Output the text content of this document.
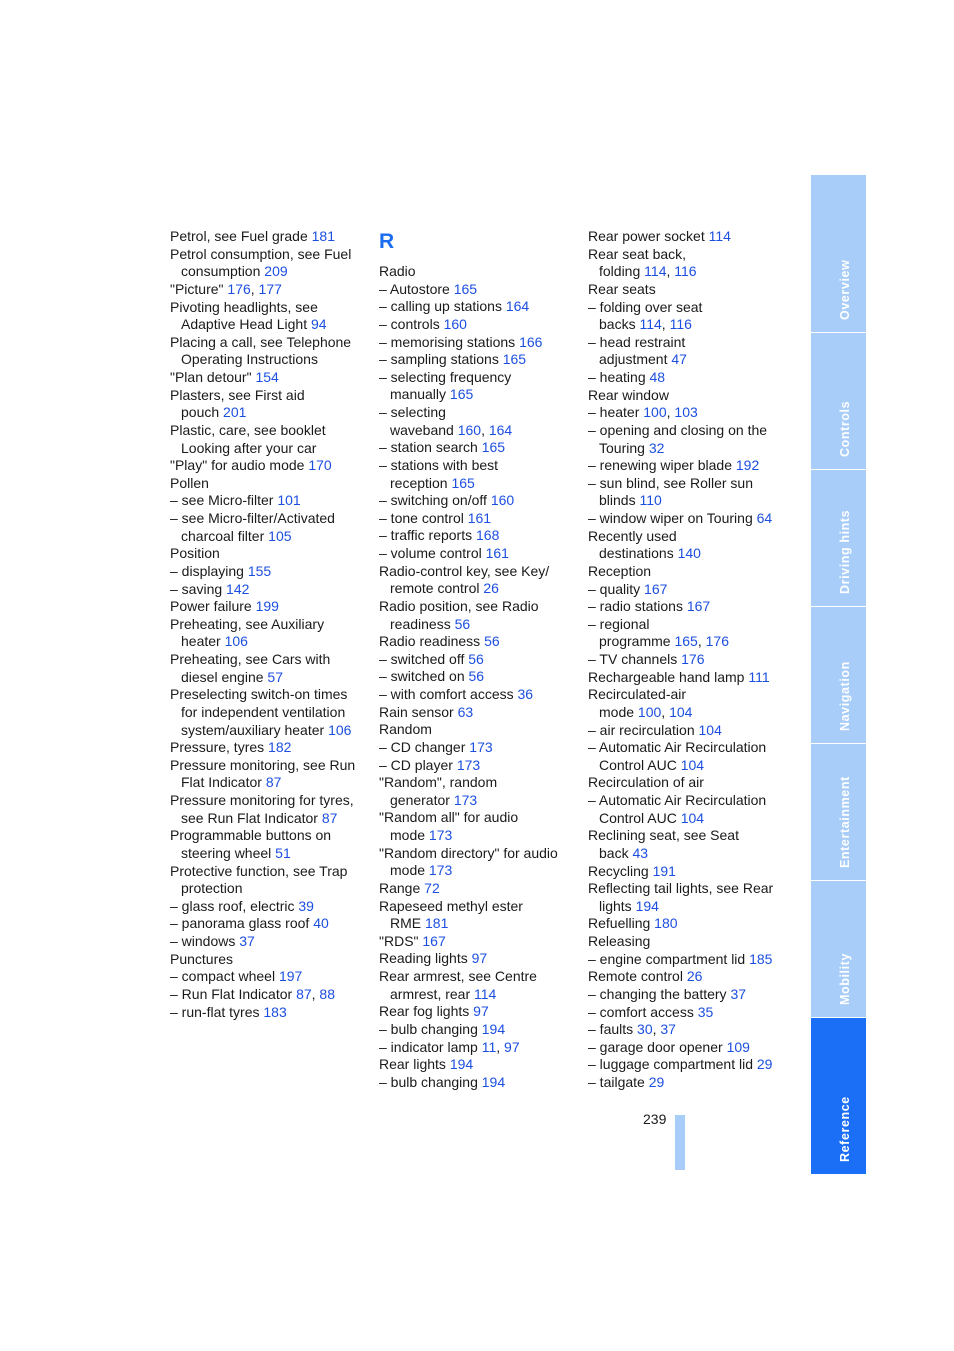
Petrol, see Fuel grade 181
Petrol consumption, see Fuel
consumption 209
"Picture" 176, 177
Pivoting headlights, see
Adaptive Head Light 94
Placing a call, see Telephone
Operating Instructions
"Plan detour" 154
Plasters, see First aid
pouch 201
Plastic, care, see booklet
Looking after your car
"Play" for audio mode 170
Pollen
– see Micro-filter 101
– see Micro-filter/Activated
charcoal filter 105
Position
– displaying 155
– saving 142
Power failure 199
Preheating, see Auxiliary
heater 106
Preheating, see Cars with
diesel engine 57
Preselecting switch-on times
for independent ventilation
system/auxiliary heater 106
Pressure, tyres 182
Pressure monitoring, see Run
Flat Indicator 87
Pressure monitoring for tyres,
see Run Flat Indicator 87
Programmable buttons on
steering wheel 51
Protective function, see Trap
protection
– glass roof, electric 39
– panorama glass roof 40
– windows 37
Punctures
– compact wheel 197
– Run Flat Indicator 87, 88
– run-flat tyres 183
R
Radio
– Autostore 165
– calling up stations 164
– controls 160
– memorising stations 166
– sampling stations 165
– selecting frequency
manually 165
– selecting
waveband 160, 164
– station search 165
– stations with best
reception 165
– switching on/off 160
– tone control 161
– traffic reports 168
– volume control 161
Radio-control key, see Key/
remote control 26
Radio position, see Radio
readiness 56
Radio readiness 56
– switched off 56
– switched on 56
– with comfort access 36
Rain sensor 63
Random
– CD changer 173
– CD player 173
"Random", random
generator 173
"Random all" for audio
mode 173
"Random directory" for audio
mode 173
Range 72
Rapeseed methyl ester
RME 181
"RDS" 167
Reading lights 97
Rear armrest, see Centre
armrest, rear 114
Rear fog lights 97
– bulb changing 194
– indicator lamp 11, 97
Rear lights 194
– bulb changing 194
Rear power socket 114
Rear seat back,
folding 114, 116
Rear seats
– folding over seat
backs 114, 116
– head restraint
adjustment 47
– heating 48
Rear window
– heater 100, 103
– opening and closing on the
Touring 32
– renewing wiper blade 192
– sun blind, see Roller sun
blinds 110
– window wiper on Touring 64
Recently used
destinations 140
Reception
– quality 167
– radio stations 167
– regional
programme 165, 176
– TV channels 176
Rechargeable hand lamp 111
Recirculated-air
mode 100, 104
– air recirculation 104
– Automatic Air Recirculation
Control AUC 104
Recirculation of air
– Automatic Air Recirculation
Control AUC 104
Reclining seat, see Seat
back 43
Recycling 191
Reflecting tail lights, see Rear
lights 194
Refuelling 180
Releasing
– engine compartment lid 185
Remote control 26
– changing the battery 37
– comfort access 35
– faults 30, 37
– garage door opener 109
– luggage compartment lid 29
– tailgate 29
239
Overview
Controls
Driving hints
Navigation
Entertainment
Mobility
Reference
